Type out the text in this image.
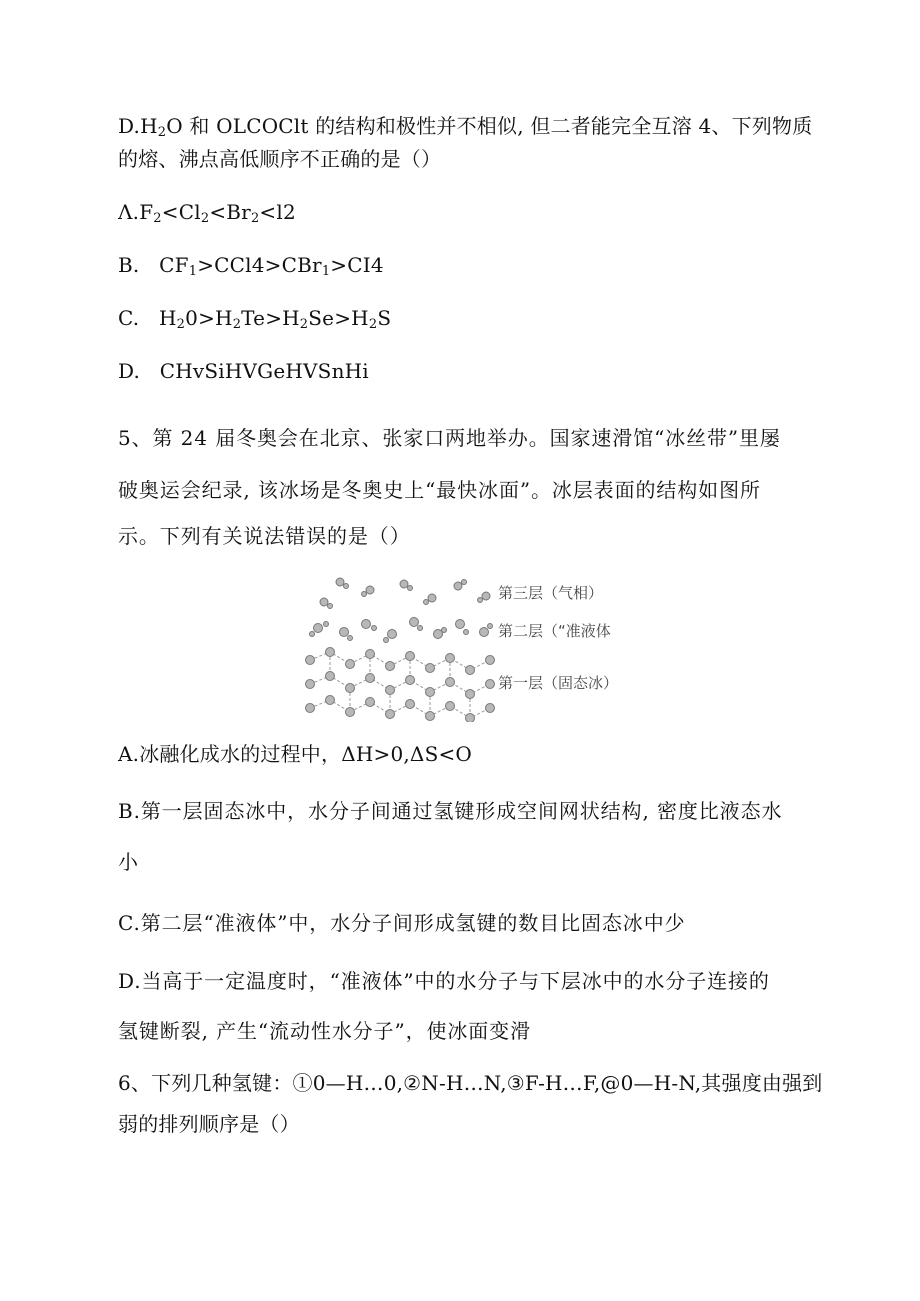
$D.H_2O$ 和 OLCOClt 的结构和极性并不相似, 但二者能完全互溶 4、下列物质
的熔、沸点高低顺序不正确的是（）
$\Lambda.F_2<Cl_2<Br_2<l2$
B.   $CF_1>CCl4>CBr_1>CI4$
C.   $H_20>H_2Te>H_2Se>H_2S$
D.   CHvSiHVGeHVSnHi
5、第 24 届冬奥会在北京、张家口两地举办。国家速滑馆“冰丝带”里屡
破奥运会纪录, 该冰场是冬奥史上“最快冰面”。冰层表面的结构如图所
示。下列有关说法错误的是（）
第三层（气相）
第二层（“准液体
第一层（固态冰）
A.冰融化成水的过程中，ΔH>0,ΔS<O
B.第一层固态冰中，水分子间通过氢键形成空间网状结构, 密度比液态水
小
C.第二层“准液体”中，水分子间形成氢键的数目比固态冰中少
D.当高于一定温度时，“准液体”中的水分子与下层冰中的水分子连接的
氢键断裂, 产生“流动性水分子”，使冰面变滑
6、下列几种氢键：①0—H…0,②N-H…N,③F-H…F,@0—H-N,其强度由强到
弱的排列顺序是（）
